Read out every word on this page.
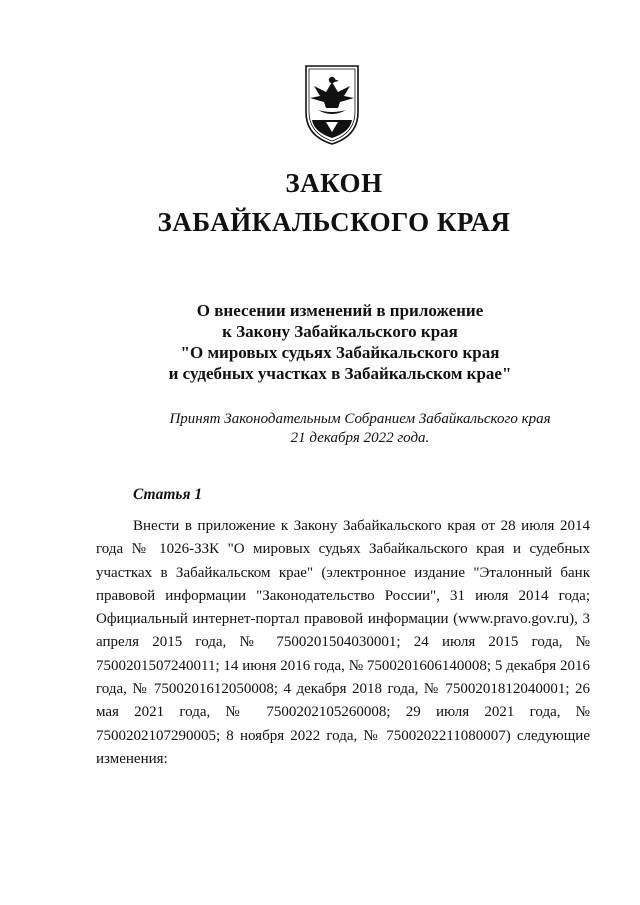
ЗАКОН
ЗАБАЙКАЛЬСКОГО КРАЯ
О внесении изменений в приложение
к Закону Забайкальского края
"О мировых судьях Забайкальского края
и судебных участках в Забайкальском крае"
Принят Законодательным Собранием Забайкальского края
21 декабря 2022 года.
Статья 1

Внести в приложение к Закону Забайкальского края от 28 июля 2014 года № 1026-ЗЗК "О мировых судьях Забайкальского края и судебных участках в Забайкальском крае" (электронное издание "Эталонный банк правовой информации "Законодательство России", 31 июля 2014 года; Официальный интернет-портал правовой информации (www.pravo.gov.ru), 3 апреля 2015 года, № 7500201504030001; 24 июля 2015 года, № 7500201507240011; 14 июня 2016 года, № 7500201606140008; 5 декабря 2016 года, № 7500201612050008; 4 декабря 2018 года, № 7500201812040001; 26 мая 2021 года, № 7500202105260008; 29 июля 2021 года, № 7500202107290005; 8 ноября 2022 года, № 7500202211080007) следующие изменения:
